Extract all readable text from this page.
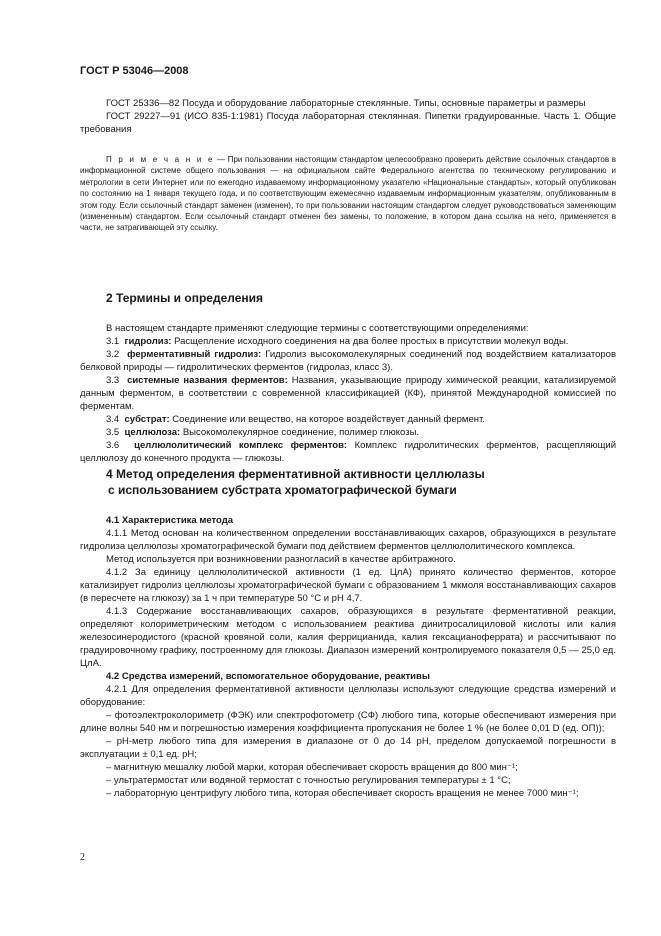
ГОСТ Р 53046—2008

ГОСТ 25336—82 Посуда и оборудование лабораторные стеклянные. Типы, основные параметры и размеры

ГОСТ 29227—91 (ИСО 835-1:1981) Посуда лабораторная стеклянная. Пипетки градуированные. Часть 1. Общие требования

П р и м е ч а н и е — При пользовании настоящим стандартом целесообразно проверить действие ссылочных стандартов в информационной системе общего пользования — на официальном сайте Федерального агентства по техническому регулированию и метрологии в сети Интернет или по ежегодно издаваемому информационному указателю «Национальные стандарты», который опубликован по состоянию на 1 января текущего года, и по соответствующим ежемесячно издаваемым информационным указателям, опубликованным в этом году. Если ссылочный стандарт заменен (изменен), то при пользовании настоящим стандартом следует руководствоваться заменяющим (измененным) стандартом. Если ссылочный стандарт отменен без замены, то положение, в котором дана ссылка на него, применяется в части, не затрагивающей эту ссылку.

2 Термины и определения

В настоящем стандарте применяют следующие термины с соответствующими определениями:

3.1 гидролиз: Расщепление исходного соединения на два более простых в присутствии молекул воды.

3.2 ферментативный гидролиз: Гидролиз высокомолекулярных соединений под воздействием катализаторов белковой природы — гидролитических ферментов (гидролаз, класс 3).

3.3 системные названия ферментов: Названия, указывающие природу химической реакции, катализируемой данным ферментом, в соответствии с современной классификацией (КФ), принятой Международной комиссией по ферментам.

3.4 субстрат: Соединение или вещество, на которое воздействует данный фермент.

3.5 целлюлоза: Высокомолекулярное соединение, полимер глюкозы.

3.6 целлюлолитический комплекс ферментов: Комплекс гидролитических ферментов, расщепляющий целлюлозу до конечного продукта — глюкозы.

4 Метод определения ферментативной активности целлюлазы
с использованием субстрата хроматографической бумаги

4.1 Характеристика метода

4.1.1 Метод основан на количественном определении восстанавливающих сахаров, образующихся в результате гидролиза целлюлозы хроматографической бумаги под действием ферментов целлюлолитического комплекса.

Метод используется при возникновении разногласий в качестве арбитражного.

4.1.2 За единицу целлюлолитической активности (1 ед. ЦлА) принято количество ферментов, которое катализирует гидролиз целлюлозы хроматографической бумаги с образованием 1 мкмоля восстанавливающих сахаров (в пересчете на глюкозу) за 1 ч при температуре 50 °С и рН 4,7.

4.1.3 Содержание восстанавливающих сахаров, образующихся в результате ферментативной реакции, определяют колориметрическим методом с использованием реактива динитросалициловой кислоты или калия железосинеродистого (красной кровяной соли, калия феррицианида, калия гексацианоферрата) и рассчитывают по градуировочному графику, построенному для глюкозы. Диапазон измерений контролируемого показателя 0,5 — 25,0 ед. ЦлА.

4.2 Средства измерений, вспомогательное оборудование, реактивы

4.2.1 Для определения ферментативной активности целлюлазы используют следующие средства измерений и оборудование:

– фотоэлектроколориметр (ФЭК) или спектрофотометр (СФ) любого типа, которые обеспечивают измерения при длине волны 540 нм и погрешностью измерения коэффициента пропускания не более 1 % (не более 0,01 D (ед. ОП));

– рН-метр любого типа для измерения в диапазоне от 0 до 14 рН, пределом допускаемой погрешности в эксплуатации ± 0,1 ед. рН;

– магнитную мешалку любой марки, которая обеспечивает скорость вращения до 800 мин⁻¹;

– ультратермостат или водяной термостат с точностью регулирования температуры ± 1 °С;

– лабораторную центрифугу любого типа, которая обеспечивает скорость вращения не менее 7000 мин⁻¹;

2
